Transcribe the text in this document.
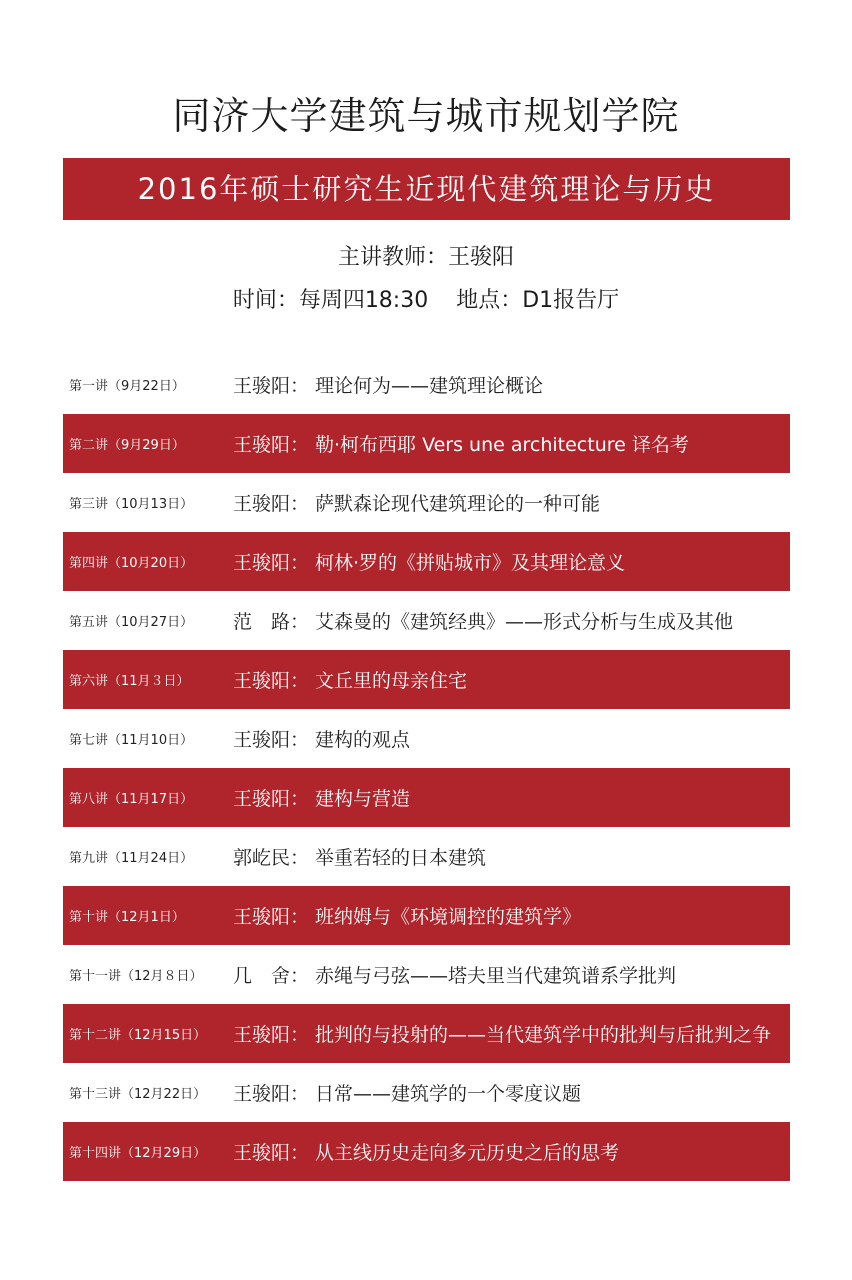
同济大学建筑与城市规划学院
2016年硕士研究生近现代建筑理论与历史
主讲教师：王骏阳
时间：每周四18:30 地点：D1报告厅
第一讲（9月22日）	王骏阳： 理论何为——建筑理论概论
第二讲（9月29日）	王骏阳： 勒·柯布西耶 Vers une architecture 译名考
第三讲（10月13日） 王骏阳： 萨默森论现代建筑理论的一种可能
第四讲（10月20日） 王骏阳： 柯林·罗的《拼贴城市》及其理论意义
第五讲（10月27日） 范　路： 艾森曼的《建筑经典》——形式分析与生成及其他
第六讲（11月３日） 王骏阳： 文丘里的母亲住宅
第七讲（11月10日） 王骏阳： 建构的观点
第八讲（11月17日） 王骏阳： 建构与营造
第九讲（11月24日） 郭屹民： 举重若轻的日本建筑
第十讲（12月1日）	王骏阳： 班纳姆与《环境调控的建筑学》
第十一讲（12月８日） 几　舍： 赤绳与弓弦——塔夫里当代建筑谱系学批判
第十二讲（12月15日） 王骏阳： 批判的与投射的——当代建筑学中的批判与后批判之争
第十三讲（12月22日） 王骏阳： 日常——建筑学的一个零度议题
第十四讲（12月29日） 王骏阳： 从主线历史走向多元历史之后的思考
